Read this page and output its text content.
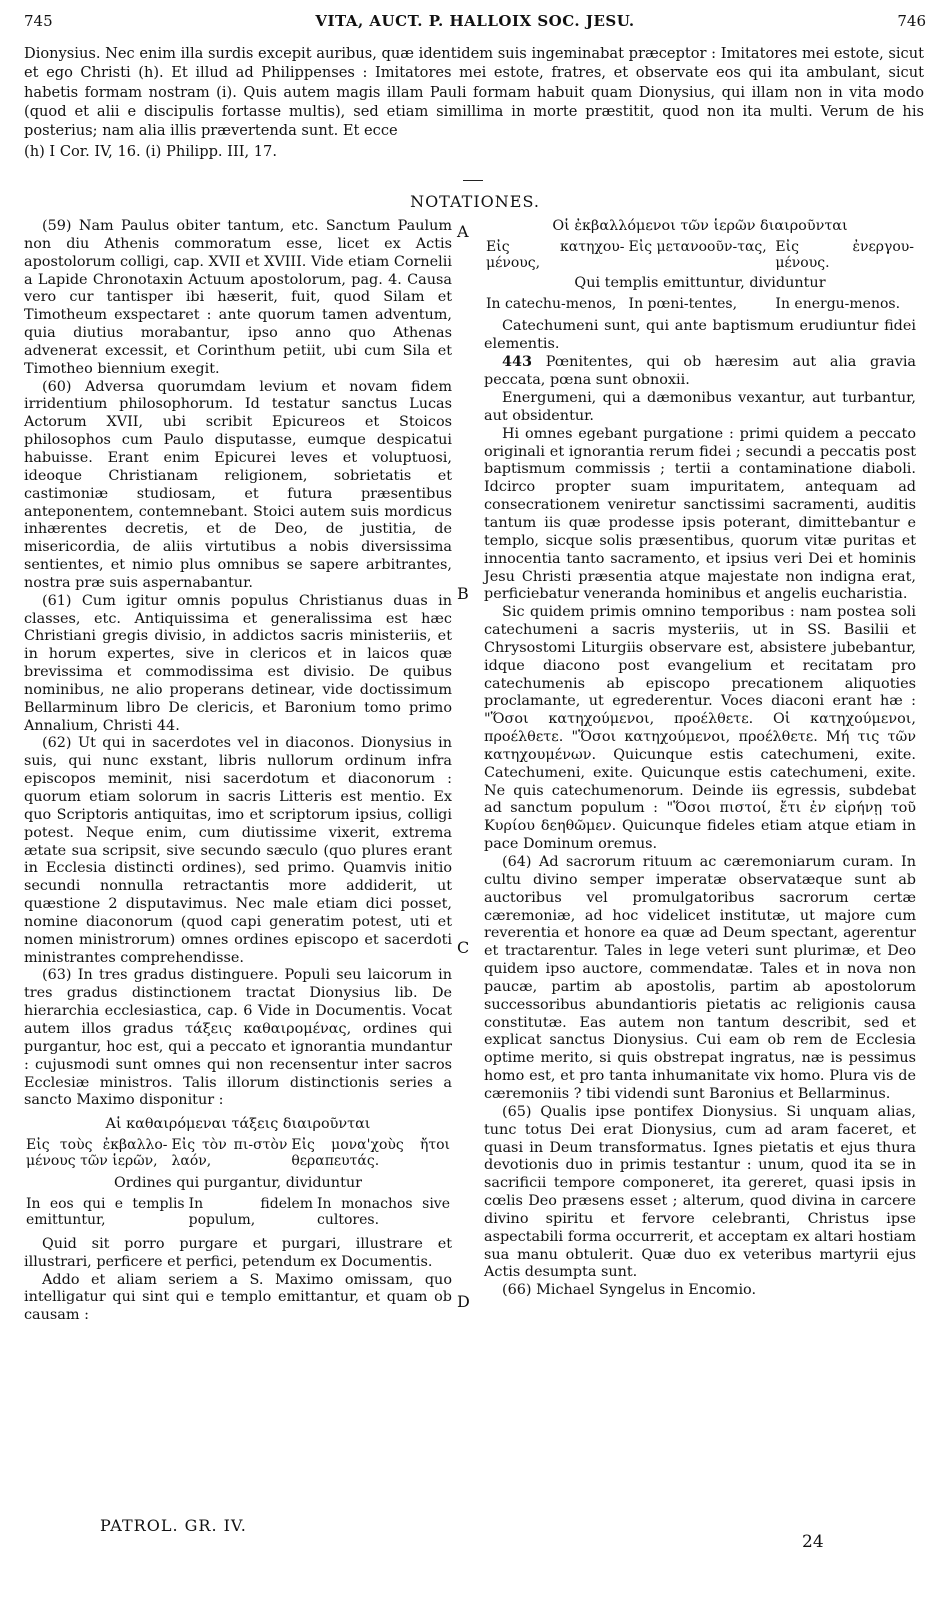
745	VITA, AUCT. P. HALLOIX SOC. JESU.	746

Dionysius. Nec enim illa surdis excepit auribus, quæ identidem suis ingeminabat præceptor : Imitatores mei estote, sicut et ego Christi (h). Et illud ad Philippenses : Imitatores mei estote, fratres, et observate eos qui ita ambulant, sicut habetis formam nostram (i). Quis autem magis illam Pauli formam habuit quam Dionysius, qui illam non in vita modo (quod et alii e discipulis fortasse multis), sed etiam simillima in morte præstitit, quod non ita multi. Verum de his posterius; nam alia illis prævertenda sunt. Et ecce

(h) I Cor. IV, 16. (i) Philipp. III, 17.

NOTATIONES.

(59) Nam Paulus obiter tantum, etc. Sanctum Paulum non diu Athenis commoratum esse, licet ex Actis apostolorum colligi, cap. XVII et XVIII. Vide etiam Cornelii a Lapide Chronotaxin Actuum apostolorum, pag. 4. Causa vero cur tantisper ibi hæserit, fuit, quod Silam et Timotheum exspectaret : ante quorum tamen adventum, quia diutius morabantur, ipso anno quo Athenas advenerat excessit, et Corinthum petiit, ubi cum Sila et Timotheo biennium exegit.

(60) Adversa quorumdam levium et novam fidem irridentium philosophorum. Id testatur sanctus Lucas Actorum XVII, ubi scribit Epicureos et Stoicos philosophos cum Paulo disputasse, eumque despicatui habuisse. Erant enim Epicurei leves et voluptuosi, ideoque Christianam religionem, sobrietatis et castimoniæ studiosam, et futura præsentibus anteponentem, contemnebant. Stoici autem suis mordicus inhærentes decretis, et de Deo, de justitia, de misericordia, de aliis virtutibus a nobis diversissima sentientes, et nimio plus omnibus se sapere arbitrantes, nostra præ suis aspernabantur.

(61) Cum igitur omnis populus Christianus duas in classes, etc. Antiquissima et generalissima est hæc Christiani gregis divisio, in addictos sacris ministeriis, et in horum expertes, sive in clericos et in laicos quæ brevissima et commodissima est divisio. De quibus nominibus, ne alio properans detinear, vide doctissimum Bellarminum libro De clericis, et Baronium tomo primo Annalium, Christi 44.

(62) Ut qui in sacerdotes vel in diaconos. Dionysius in suis, qui nunc exstant, libris nullorum ordinum infra episcopos meminit, nisi sacerdotum et diaconorum : quorum etiam solorum in sacris Litteris est mentio. Ex quo Scriptoris antiquitas, imo et scriptorum ipsius, colligi potest. Neque enim, cum diutissime vixerit, extrema ætate sua scripsit, sive secundo sæculo (quo plures erant in Ecclesia distincti ordines), sed primo. Quamvis initio secundi nonnulla retractantis more addiderit, ut quæstione 2 disputavimus. Nec male etiam dici posset, nomine diaconorum (quod capi generatim potest, uti et nomen ministrorum) omnes ordines episcopo et sacerdoti ministrantes comprehendisse.

(63) In tres gradus distinguere. Populi seu laicorum in tres gradus distinctionem tractat Dionysius lib. De hierarchia ecclesiastica, cap. 6 Vide in Documentis. Vocat autem illos gradus τάξεις καθαιρομένας, ordines qui purgantur, hoc est, qui a peccato et ignorantia mundantur : cujusmodi sunt omnes qui non recensentur inter sacros Ecclesiæ ministros. Talis illorum distinctionis series a sancto Maximo disponitur :

Αἱ καθαιρόμεναι τάξεις διαιροῦνται

Εἰς τοὺς ἐκβαλλο-μένους τῶν ἱερῶν,	Εἰς τὸν πι-στὸν λαόν,	Εἰς μονα'χοὺς ἤτοι θεραπευτάς.

Ordines qui purgantur, dividuntur

In eos qui e templis emittuntur,	In fidelem populum,	In monachos sive cultores.

Quid sit porro purgare et purgari, illustrare et illustrari, perficere et perfici, petendum ex Documentis.

Addo et aliam seriem a S. Maximo omissam, quo intelligatur qui sint qui e templo emittantur, et quam ob causam :

Οἱ ἐκβαλλόμενοι τῶν ἱερῶν διαιροῦνται

Εἰς κατηχου-μένους,	Εἰς μετανοοῦν-τας,	Εἰς ἐνεργου-μένους.

Qui templis emittuntur, dividuntur

In catechu-menos,	In pœni-tentes,	In energu-menos.

Catechumeni sunt, qui ante baptismum erudiuntur fidei elementis.

443 Pœnitentes, qui ob hæresim aut alia gravia peccata, pœna sunt obnoxii.

Energumeni, qui a dæmonibus vexantur, aut turbantur, aut obsidentur.

Hi omnes egebant purgatione : primi quidem a peccato originali et ignorantia rerum fidei ; secundi a peccatis post baptismum commissis ; tertii a contaminatione diaboli. Idcirco propter suam impuritatem, antequam ad consecrationem veniretur sanctissimi sacramenti, auditis tantum iis quæ prodesse ipsis poterant, dimittebantur e templo, sicque solis præsentibus, quorum vitæ puritas et innocentia tanto sacramento, et ipsius veri Dei et hominis Jesu Christi præsentia atque majestate non indigna erat, perficiebatur veneranda hominibus et angelis eucharistia.

Sic quidem primis omnino temporibus : nam postea soli catechumeni a sacris mysteriis, ut in SS. Basilii et Chrysostomi Liturgiis observare est, absistere jubebantur, idque diacono post evangelium et recitatam pro catechumenis ab episcopo precationem aliquoties proclamante, ut egrederentur. Voces diaconi erant hæ : "Ὅσοι κατηχούμενοι, προέλθετε. Οἱ κατηχούμενοι, προέλθετε. "Ὅσοι κατηχούμενοι, προέλθετε. Μή τις τῶν κατηχουμένων. Quicunque estis catechumeni, exite. Catechumeni, exite. Quicunque estis catechumeni, exite. Ne quis catechumenorum. Deinde iis egressis, subdebat ad sanctum populum : "Ὅσοι πιστοί, ἔτι ἐν εἰρήνῃ τοῦ Κυρίου δεηθῶμεν. Quicunque fideles etiam atque etiam in pace Dominum oremus.

(64) Ad sacrorum rituum ac cæremoniarum curam. In cultu divino semper imperatæ observatæque sunt ab auctoribus vel promulgatoribus sacrorum certæ cæremoniæ, ad hoc videlicet institutæ, ut majore cum reverentia et honore ea quæ ad Deum spectant, agerentur et tractarentur. Tales in lege veteri sunt plurimæ, et Deo quidem ipso auctore, commendatæ. Tales et in nova non paucæ, partim ab apostolis, partim ab apostolorum successoribus abundantioris pietatis ac religionis causa constitutæ. Eas autem non tantum describit, sed et explicat sanctus Dionysius. Cui eam ob rem de Ecclesia optime merito, si quis obstrepat ingratus, næ is pessimus homo est, et pro tanta inhumanitate vix homo. Plura vis de cæremoniis ? tibi videndi sunt Baronius et Bellarminus.

(65) Qualis ipse pontifex Dionysius. Si unquam alias, tunc totus Dei erat Dionysius, cum ad aram faceret, et quasi in Deum transformatus. Ignes pietatis et ejus thura devotionis duo in primis testantur : unum, quod ita se in sacrificii tempore componeret, ita gereret, quasi ipsis in cœlis Deo præsens esset ; alterum, quod divina in carcere divino spiritu et fervore celebranti, Christus ipse aspectabili forma occurrerit, et acceptam ex altari hostiam sua manu obtulerit. Quæ duo ex veteribus martyrii ejus Actis desumpta sunt.

(66) Michael Syngelus in Encomio.

A
B
C
D
PATROL. GR. IV.
24
